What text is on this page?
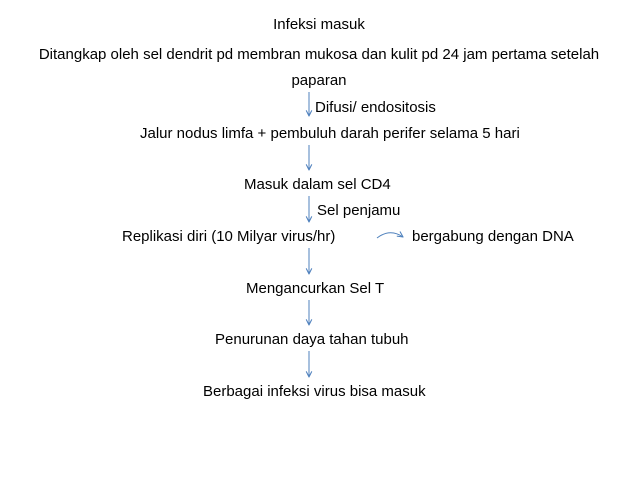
Infeksi masuk
Ditangkap oleh sel dendrit pd membran mukosa dan kulit pd 24 jam pertama setelah
paparan
Difusi/ endositosis
Jalur nodus limfa + pembuluh darah perifer selama 5 hari
Masuk dalam sel CD4
Sel penjamu
Replikasi diri (10 Milyar virus/hr)	bergabung dengan DNA
Mengancurkan Sel T
Penurunan daya tahan tubuh
Berbagai infeksi virus bisa masuk
